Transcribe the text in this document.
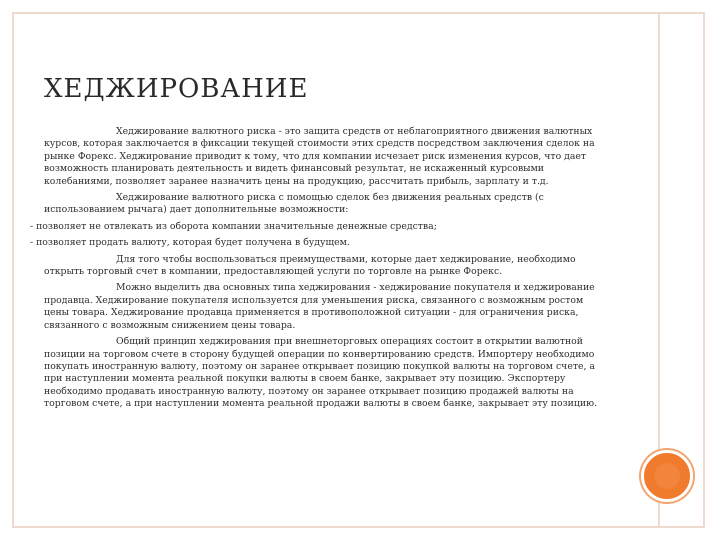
ХЕДЖИРОВАНИЕ

Хеджирование валютного риска - это защита средств от неблагоприятного движения валютных курсов, которая заключается в фиксации текущей стоимости этих средств посредством заключения сделок на рынке Форекс. Хеджирование приводит к тому, что для компании исчезает риск изменения курсов, что дает возможность планировать деятельность и видеть финансовый результат, не искаженный курсовыми колебаниями, позволяет заранее назначить цены на продукцию, рассчитать прибыль, зарплату и т.д.

Хеджирование валютного риска с помощью сделок без движения реальных средств (с использованием рычага) дает дополнительные возможности:

- позволяет не отвлекать из оборота компании значительные денежные средства;

- позволяет продать валюту, которая будет получена в будущем.

Для того чтобы воспользоваться преимуществами, которые дает хеджирование, необходимо открыть торговый счет в компании, предоставляющей услуги по торговле на рынке Форекс.

Можно выделить два основных типа хеджирования - хеджирование покупателя и хеджирование продавца. Хеджирование покупателя используется для уменьшения риска, связанного с возможным ростом цены товара. Хеджирование продавца применяется в противоположной ситуации - для ограничения риска, связанного с возможным снижением цены товара.

Общий принцип хеджирования при внешнеторговых операциях состоит в открытии валютной позиции на торговом счете в сторону будущей операции по конвертированию средств. Импортеру необходимо покупать иностранную валюту, поэтому он заранее открывает позицию покупкой валюты на торговом счете, а при наступлении момента реальной покупки валюты в своем банке, закрывает эту позицию. Экспортеру необходимо продавать иностранную валюту, поэтому он заранее открывает позицию продажей валюты на торговом счете, а при наступлении момента реальной продажи валюты в своем банке, закрывает эту позицию.
